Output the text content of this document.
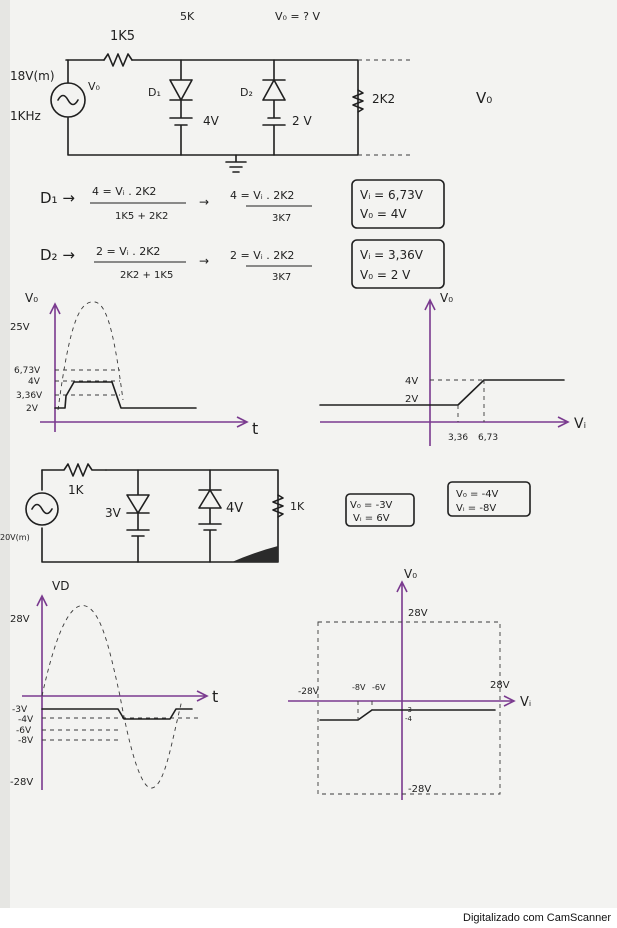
5K	V₀ = ? V
1K5
18V(m)
V₀
1KHz
D₁	D₂
4V	2 V
2K2	V₀
D₁ → 4 = Vᵢ . 2K2
1K5 + 2K2
→ 4 = Vᵢ . 2K2
3K7
Vᵢ = 6,73V
V₀ = 4V
D₂ → 2 = Vᵢ . 2K2
2K2 + 1K5
→ 2 = Vᵢ . 2K2
3K7
Vᵢ = 3,36V
V₀ = 2 V
V₀
t
25V
6,73V
4V
3,36V
2V
V₀
Vᵢ
4V
2V
3,36 6,73
1K
20V(m)
3V	4V	1K	V₀ = -3V
Vᵢ = 6V
V₀ = -4V
Vᵢ = -8V
VD
t
28V
-3V
-4V
-6V
-8V
-28V
V₀
Vᵢ
28V
-28V
-28V	-8V -6V	28V
-3
-4
Digitalizado com CamScanner
